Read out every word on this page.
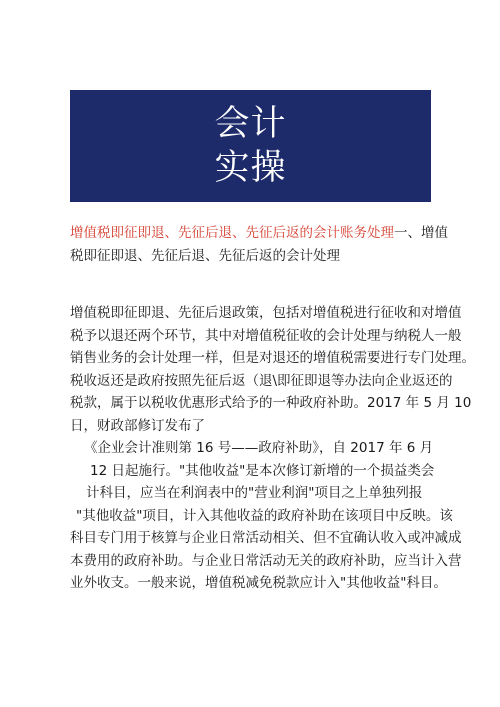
会计
实操

增值税即征即退、先征后退、先征后返的会计账务处理一、增值

税即征即退、先征后退、先征后返的会计处理

增值税即征即退、先征后退政策，包括对增值税进行征收和对增值

税予以退还两个环节，其中对增值税征收的会计处理与纳税人一般

销售业务的会计处理一样，但是对退还的增值税需要进行专门处理。

税收返还是政府按照先征后返（退\即征即退等办法向企业返还的

税款，属于以税收优惠形式给予的一种政府补助。2017 年 5 月 10

日，财政部修订发布了

《企业会计准则第 16 号——政府补助》，自 2017 年 6 月

12 日起施行。"其他收益"是本次修订新增的一个损益类会

计科目，应当在利润表中的"营业利润"项目之上单独列报

"其他收益"项目，计入其他收益的政府补助在该项目中反映。该

科目专门用于核算与企业日常活动相关、但不宜确认收入或冲减成

本费用的政府补助。与企业日常活动无关的政府补助，应当计入营

业外收支。一般来说，增值税减免税款应计入"其他收益"科目。
